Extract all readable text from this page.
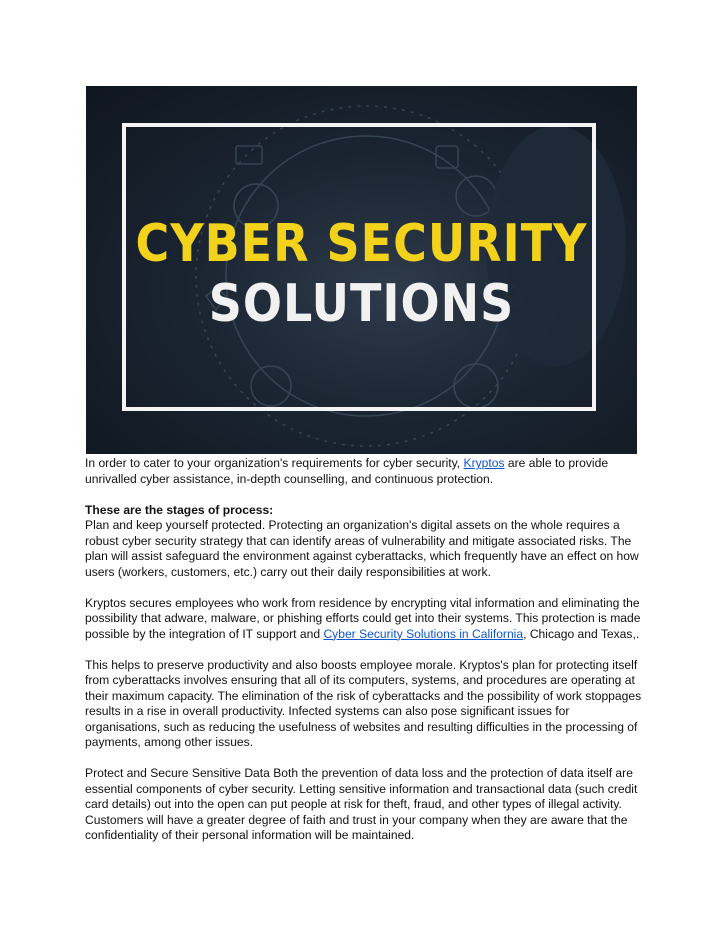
CYBER SECURITY
SOLUTIONS

In order to cater to your organization's requirements for cyber security, Kryptos are able to provide unrivalled cyber assistance, in-depth counselling, and continuous protection.

These are the stages of process:
Plan and keep yourself protected. Protecting an organization's digital assets on the whole requires a robust cyber security strategy that can identify areas of vulnerability and mitigate associated risks. The plan will assist safeguard the environment against cyberattacks, which frequently have an effect on how users (workers, customers, etc.) carry out their daily responsibilities at work.

Kryptos secures employees who work from residence by encrypting vital information and eliminating the possibility that adware, malware, or phishing efforts could get into their systems. This protection is made possible by the integration of IT support and Cyber Security Solutions in California, Chicago and Texas,.

This helps to preserve productivity and also boosts employee morale. Kryptos's plan for protecting itself from cyberattacks involves ensuring that all of its computers, systems, and procedures are operating at their maximum capacity. The elimination of the risk of cyberattacks and the possibility of work stoppages results in a rise in overall productivity. Infected systems can also pose significant issues for organisations, such as reducing the usefulness of websites and resulting difficulties in the processing of payments, among other issues.

Protect and Secure Sensitive Data Both the prevention of data loss and the protection of data itself are essential components of cyber security. Letting sensitive information and transactional data (such credit card details) out into the open can put people at risk for theft, fraud, and other types of illegal activity. Customers will have a greater degree of faith and trust in your company when they are aware that the confidentiality of their personal information will be maintained.
